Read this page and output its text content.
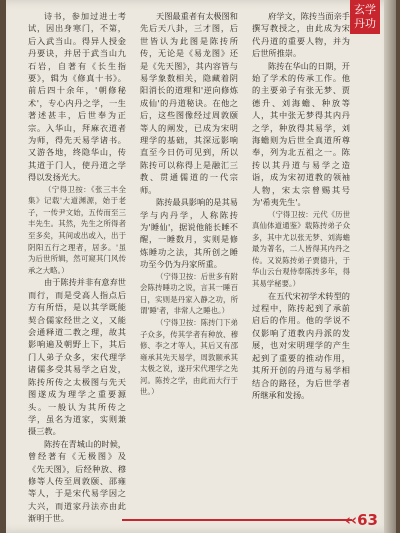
玄学
丹功

诗书，参加过进士考试，因出身寒门，不第，后入武当山。得异人授金丹要诀，并居于武当山九石岩，自著有《长生指要》，辑为《修真十书》。前后四十余年，'朝修秘术'，专心内丹之学，一生著述甚丰，后世奉为正宗。入华山，拜麻衣道者为师，得先天易学诸书。又游各地，终隐华山，传其道于门人，使丹道之学得以发扬光大。

（宁得卫按：《张三丰全集》记载'大道渊源，始于老子，一传尹文始，五传而至三丰先生。其然，先生之所得者至多矣，其间或出或入，出于阴阳五行之理者，居多。'虽为后世所辑，然可窥其门风传承之大略。）

由于陈抟并非有意弃世而行，而是受高人指点后方有所悟，是以其学既能契合儒家经世之义，又能会通释道二教之理，故其影响遍及朝野上下，其后门人弟子众多，宋代理学诸儒多受其易学之启发，陈抟所传之太极图与先天图遂成为理学之重要源头。一般认为其所传之学，虽名为道家，实则兼摄三教。

陈抟在青城山的时候，曾经著有《无极图》及《先天图》，后经种放、穆修等人传至周敦颐、邵雍等人，于是宋代易学因之大兴，而道家丹法亦由此渐明于世。

天图最重者有太极图和先后天八卦，三才图，后世皆认为此图是陈抟所传，无论是《易龙图》还是《先天图》，其内容皆与易学象数相关，隐藏着阴阳消长的道理和'逆向修炼成仙'的丹道秘诀。在他之后，这些图像经过周敦颐等人的阐发，已成为宋明理学的基础，其深远影响直至今日仍可见到，所以陈抟可以称得上是融汇三教、贯通儒道的一代宗师。

陈抟最具影响的是其易学与内丹学，人称陈抟为'睡仙'，据说他能长睡不醒，一睡数月，实则是修炼睡功之法，其所创之睡功至今仍为丹家所重。

（宁得卫按：后世多有附会陈抟睡功之说，言其一睡百日，实则是丹家入静之功，所谓'睡'者，非常人之睡也。）

（宁得卫按：陈抟门下弟子众多，传其学者有种放、穆修、李之才等人，其后又有邵雍承其先天易学，周敦颐承其太极之说，遂开宋代理学之先河。陈抟之学，由此而大行于世。）

府学文，陈抟当面亲手撰写教授之，由此成为宋代丹道的重要人物，并为后世所推崇。

陈抟在华山的日期，开始了学术的传承工作。他的主要弟子有张无梦、贾德升、刘海蟾、种放等人，其中张无梦得其内丹之学，种放得其易学，刘海蟾则为后世全真道所尊奉，列为北五祖之一。陈抟以其丹道与易学之造诣，成为宋初道教的领袖人物，宋太宗曾赐其号为'希夷先生'。

（宁得卫按：元代《历世真仙体道通鉴》载陈抟弟子众多，其中尤以张无梦、刘海蟾最为著名，二人皆得其内丹之传。又说陈抟弟子贾德升，于华山云台观侍奉陈抟多年，得其易学秘要。）

在五代宋初学术转型的过程中，陈抟起到了承前启后的作用。他的学说不仅影响了道教内丹派的发展，也对宋明理学的产生起到了重要的推动作用，其所开创的丹道与易学相结合的路径，为后世学者所继承和发扬。

‹‹63
